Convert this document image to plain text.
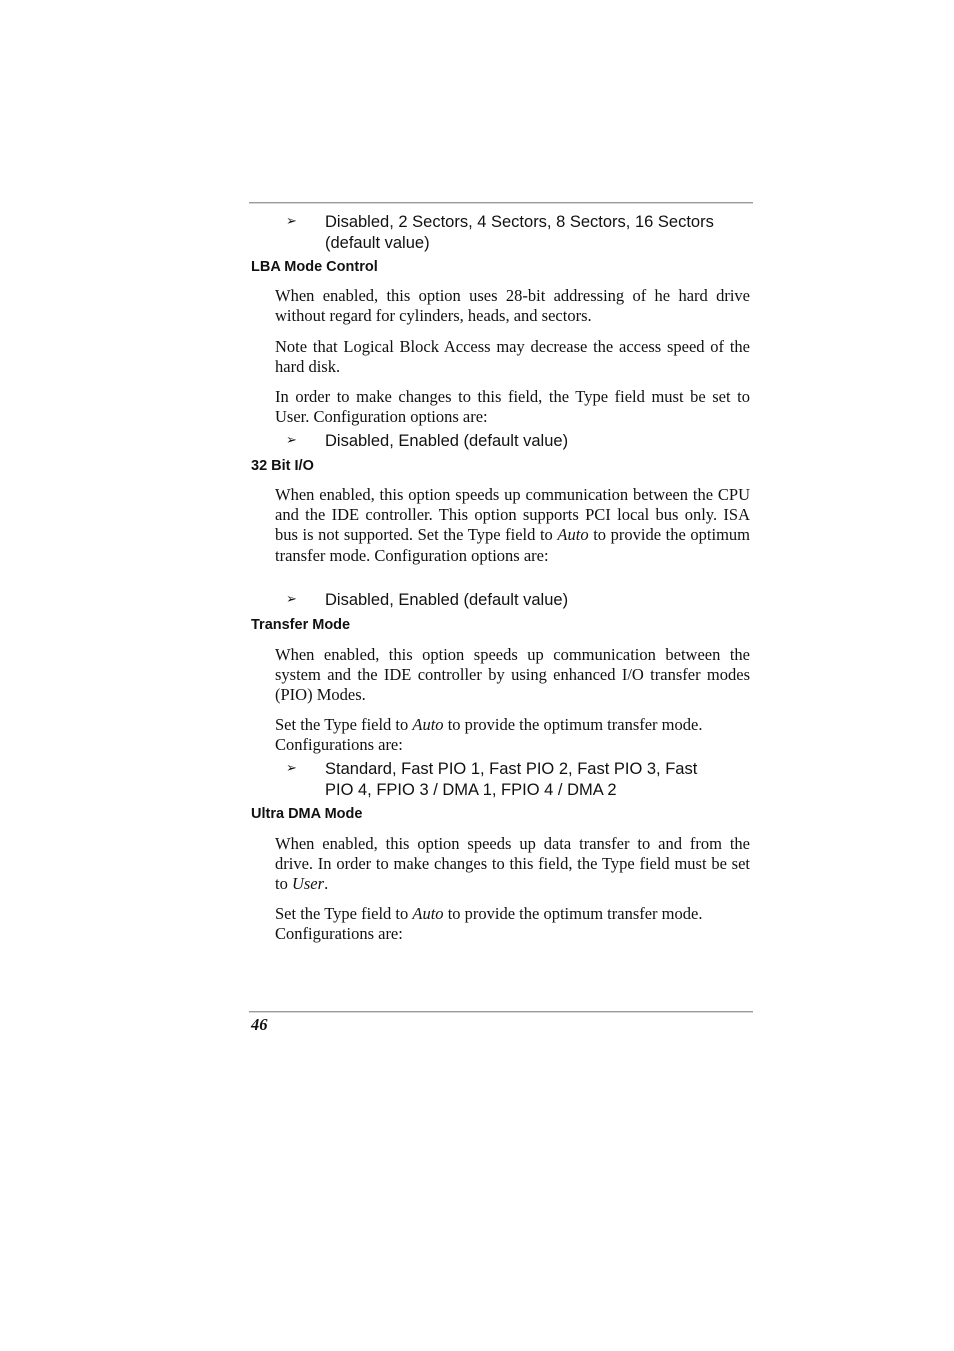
➢ Disabled, 2 Sectors, 4 Sectors, 8 Sectors, 16 Sectors (default value)
LBA Mode Control
When enabled, this option uses 28-bit addressing of he hard drive without regard for cylinders, heads, and sectors.
Note that Logical Block Access may decrease the access speed of the hard disk.
In order to make changes to this field, the Type field must be set to User. Configuration options are:
➢ Disabled, Enabled (default value)
32 Bit I/O
When enabled, this option speeds up communication between the CPU and the IDE controller. This option supports PCI local bus only. ISA bus is not supported. Set the Type field to Auto to provide the optimum transfer mode. Configuration options are:
➢ Disabled, Enabled (default value)
Transfer Mode
When enabled, this option speeds up communication between the system and the IDE controller by using enhanced I/O transfer modes (PIO) Modes.
Set the Type field to Auto to provide the optimum transfer mode. Configurations are:
➢ Standard, Fast PIO 1, Fast PIO 2, Fast PIO 3, Fast PIO 4, FPIO 3 / DMA 1, FPIO 4 / DMA 2
Ultra DMA Mode
When enabled, this option speeds up data transfer to and from the drive. In order to make changes to this field, the Type field must be set to User.
Set the Type field to Auto to provide the optimum transfer mode. Configurations are:
46
